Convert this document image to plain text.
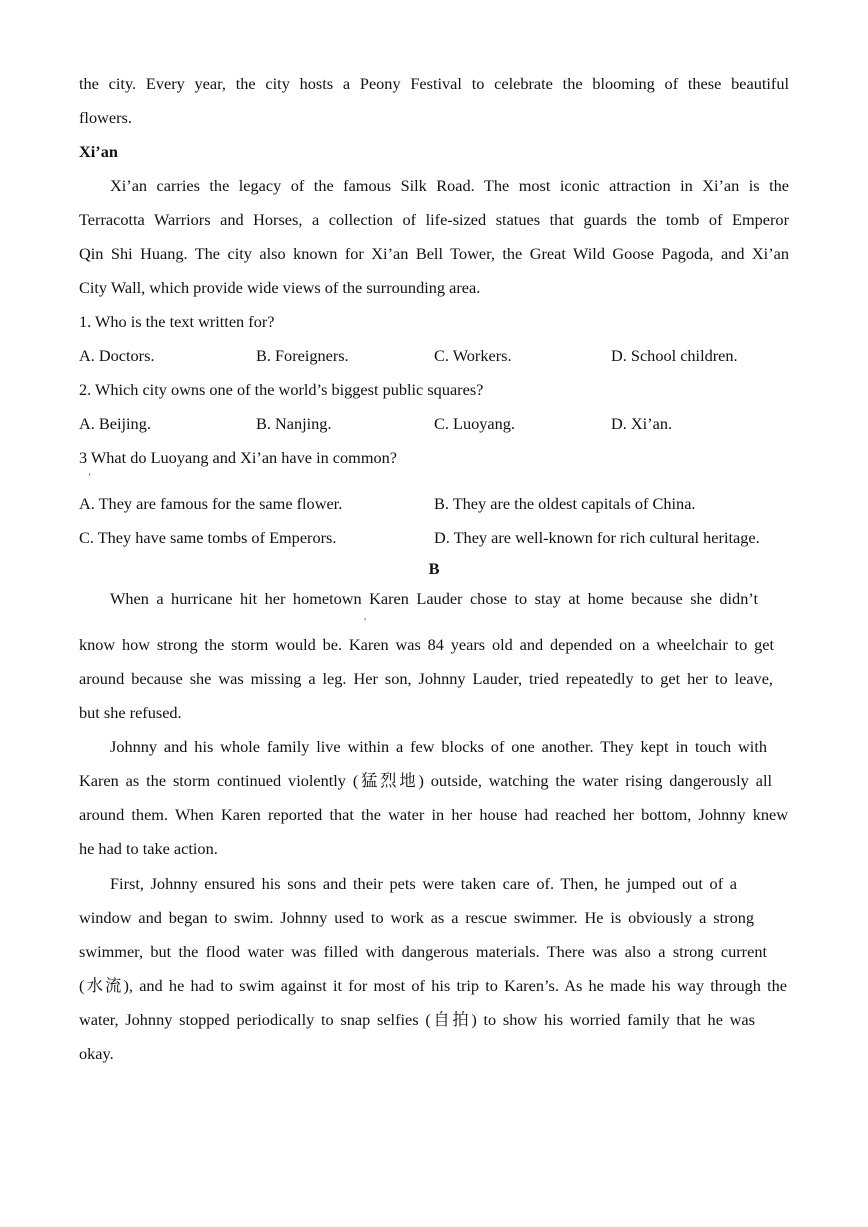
the city. Every year, the city hosts a Peony Festival to celebrate the blooming of these beautiful
flowers.
Xi’an
Xi’an carries the legacy of the famous Silk Road. The most iconic attraction in Xi’an is the
Terracotta Warriors and Horses, a collection of life-sized statues that guards the tomb of Emperor
Qin Shi Huang. The city also known for Xi’an Bell Tower, the Great Wild Goose Pagoda, and Xi’an
City Wall, which provide wide views of the surrounding area.
1. Who is the text written for?
A. Doctors.	B. Foreigners.	C. Workers.	D. School children.
2. Which city owns one of the world’s biggest public squares?
A. Beijing.	B. Nanjing.	C. Luoyang.	D. Xi’an.
3 What do Luoyang and Xi’an have in common?
’
A. They are famous for the same flower.	B. They are the oldest capitals of China.
C. They have same tombs of Emperors.	D. They are well-known for rich cultural heritage.
B
When a hurricane hit her hometown Karen Lauder chose to stay at home because she didn’t
,
know how strong the storm would be. Karen was 84 years old and depended on a wheelchair to get
around because she was missing a leg. Her son, Johnny Lauder, tried repeatedly to get her to leave,
but she refused.
Johnny and his whole family live within a few blocks of one another. They kept in touch with
Karen as the storm continued violently (猛烈地) outside, watching the water rising dangerously all
around them. When Karen reported that the water in her house had reached her bottom, Johnny knew
he had to take action.
First, Johnny ensured his sons and their pets were taken care of. Then, he jumped out of a
window and began to swim. Johnny used to work as a rescue swimmer. He is obviously a strong
swimmer, but the flood water was filled with dangerous materials. There was also a strong current
(水流), and he had to swim against it for most of his trip to Karen’s. As he made his way through the
water, Johnny stopped periodically to snap selfies (自拍) to show his worried family that he was
okay.
